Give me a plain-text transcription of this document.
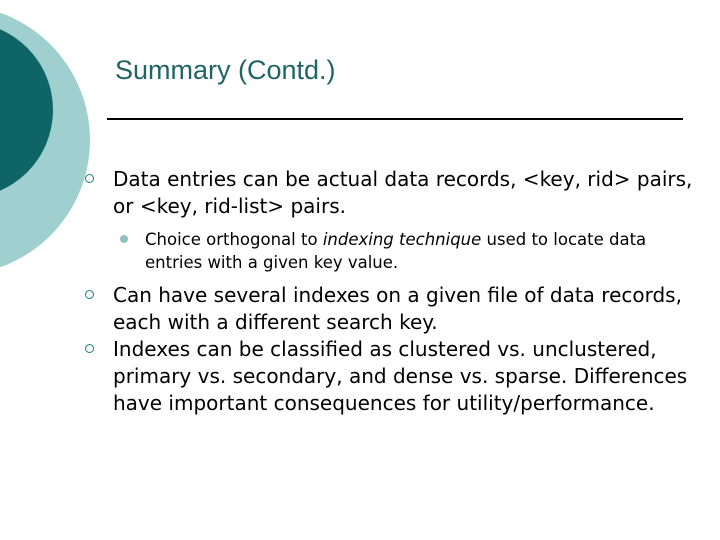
Summary (Contd.)
Data entries can be actual data records, <key, rid> pairs, or <key, rid-list> pairs.
Choice orthogonal to indexing technique used to locate data entries with a given key value.
Can have several indexes on a given file of data records, each with a different search key.
Indexes can be classified as clustered vs. unclustered, primary vs. secondary, and dense vs. sparse. Differences have important consequences for utility/performance.
